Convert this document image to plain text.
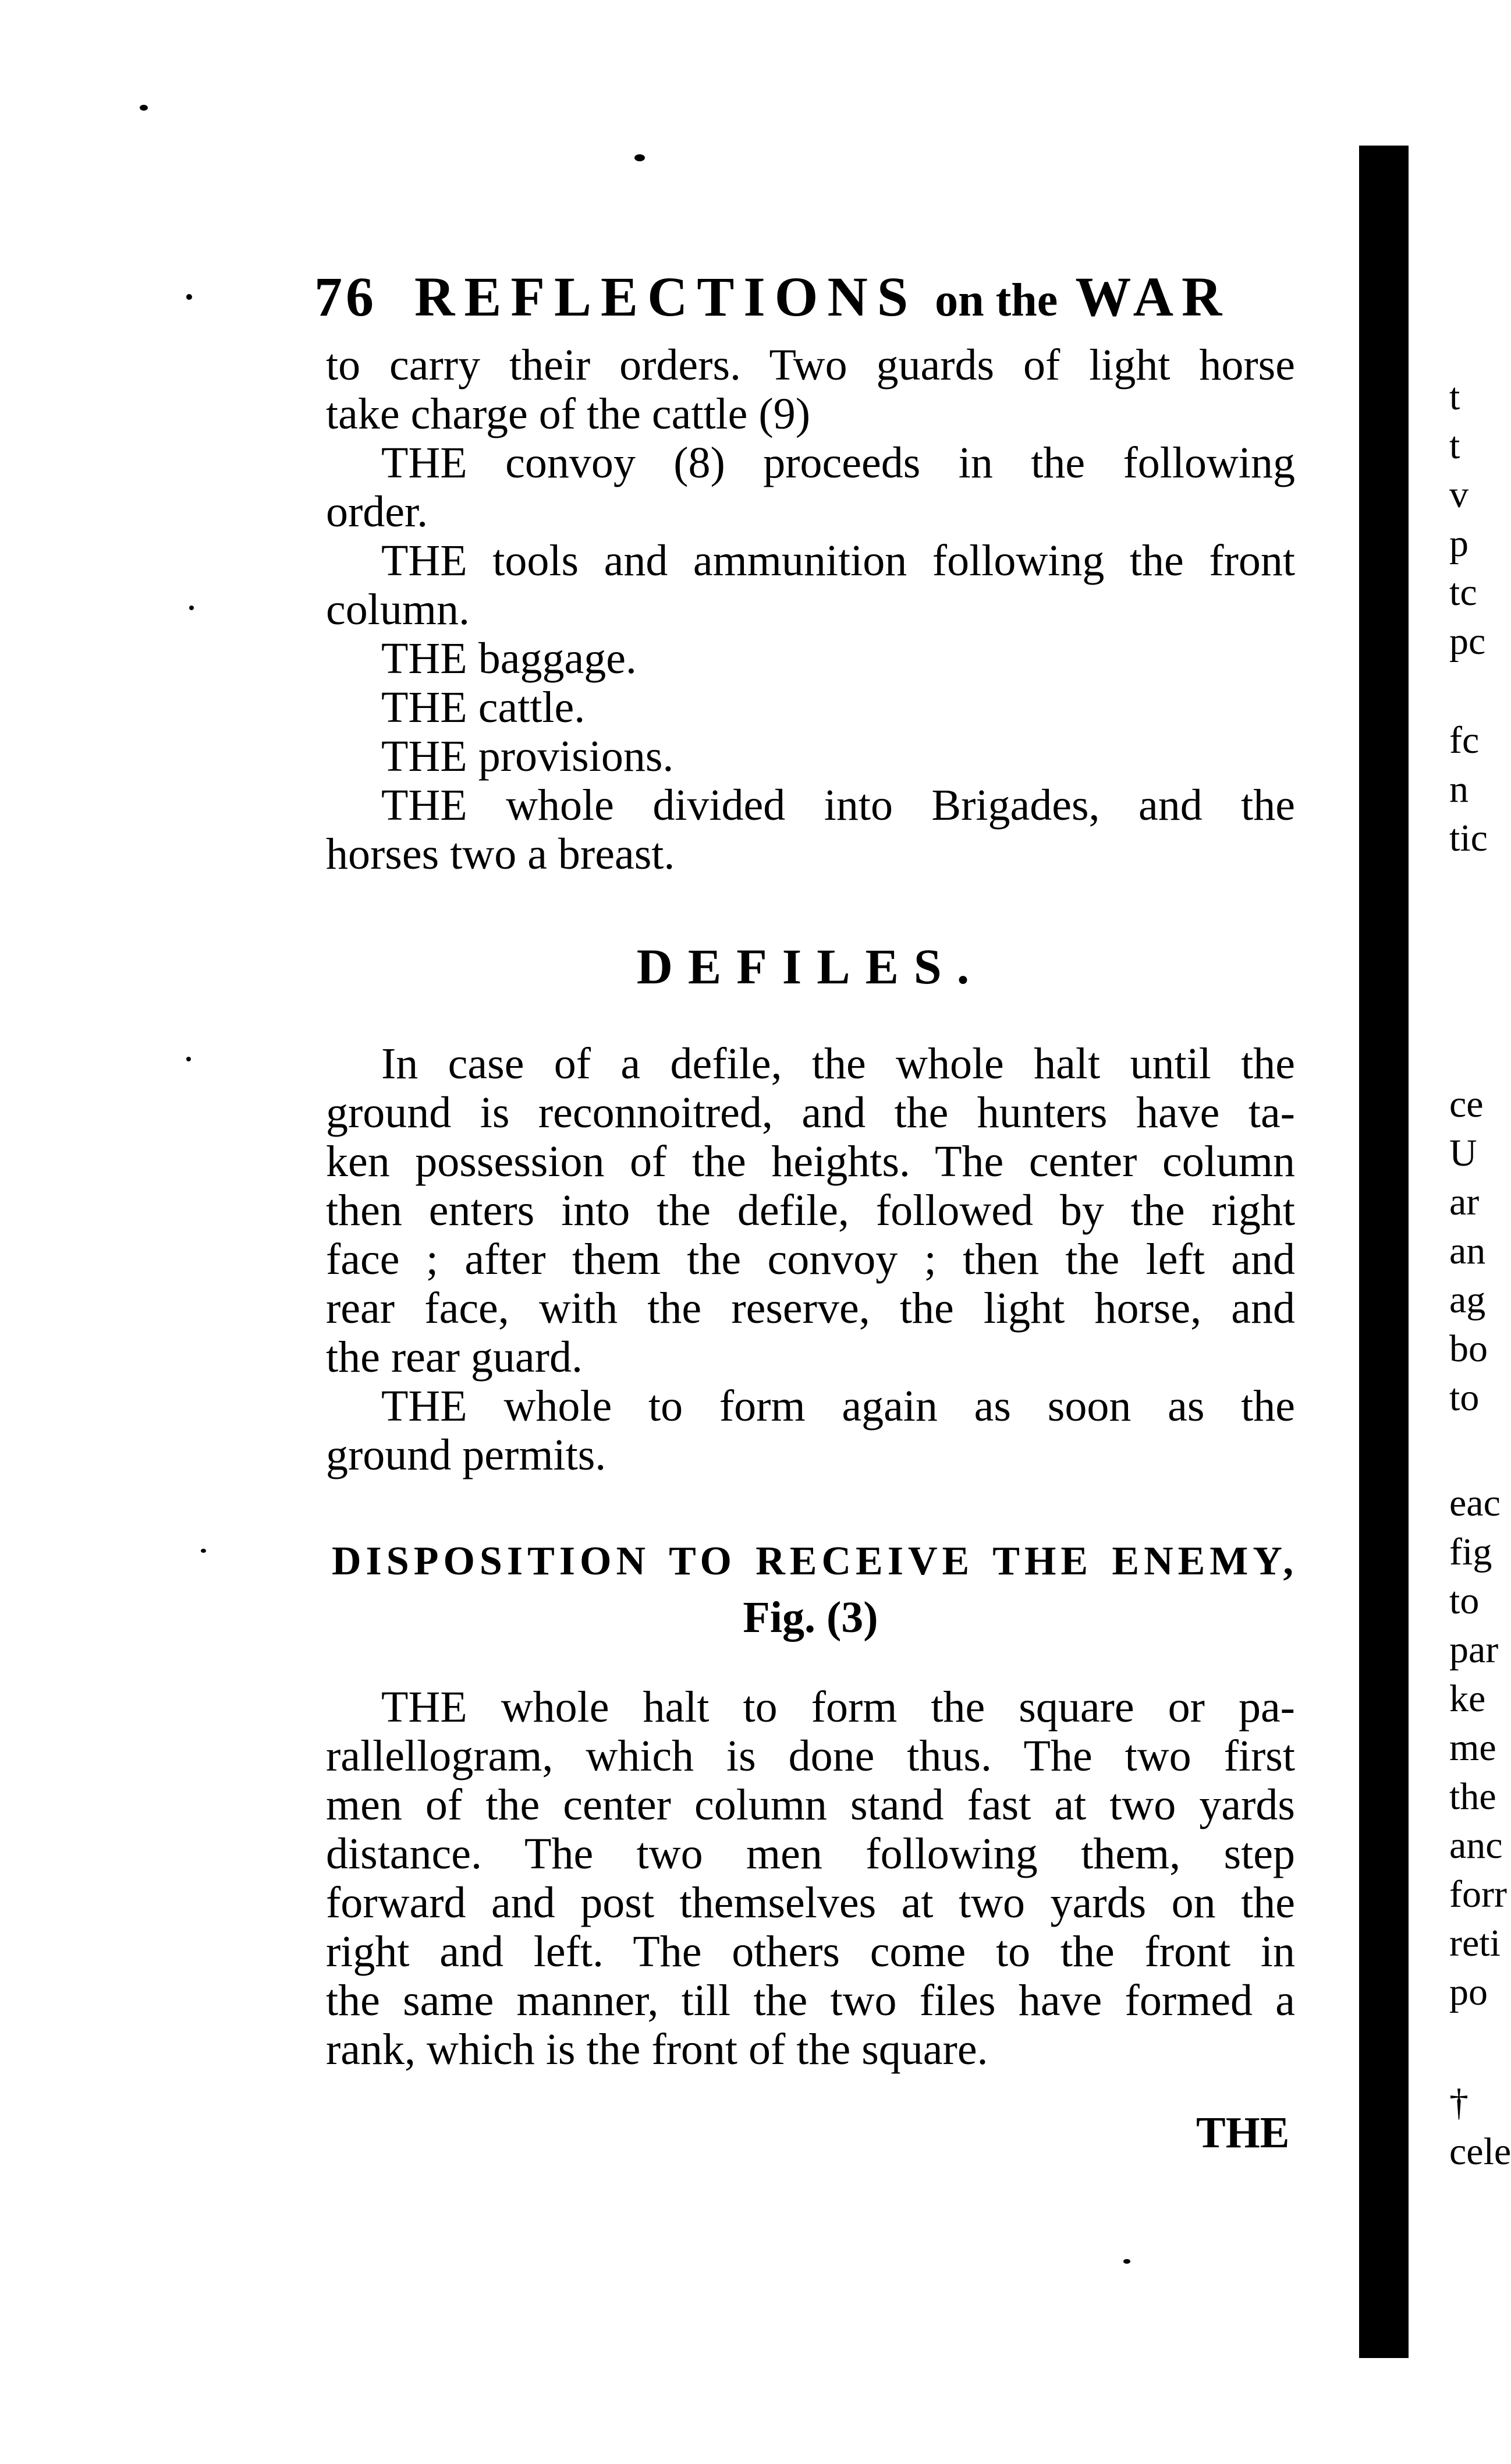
76 REFLECTIONS on the WAR
to carry their orders. Two guards of light horse
take charge of the cattle (9)
THE convoy (8) proceeds in the following
order.
THE tools and ammunition following the front
column.
THE baggage.
THE cattle.
THE provisions.
THE whole divided into Brigades, and the
horses two a breast.
DEFILES.
In case of a defile, the whole halt until the
ground is reconnoitred, and the hunters have ta-
ken possession of the heights. The center column
then enters into the defile, followed by the right
face ; after them the convoy ; then the left and
rear face, with the reserve, the light horse, and
the rear guard.
THE whole to form again as soon as the
ground permits.
DISPOSITION TO RECEIVE THE ENEMY,
Fig. (3)
THE whole halt to form the square or pa-
rallellogram, which is done thus. The two first
men of the center column stand fast at two yards
distance. The two men following them, step
forward and post themselves at two yards on the
right and left. The others come to the front in
the same manner, till the two files have formed a
rank, which is the front of the square.
THE
t
t
v
p
tc
pc
fc
n
tic
ce
U
ar
an
ag
bo
to
eac
fig
to
par
ke
me
the
anc
forr
reti
po
†
cele
